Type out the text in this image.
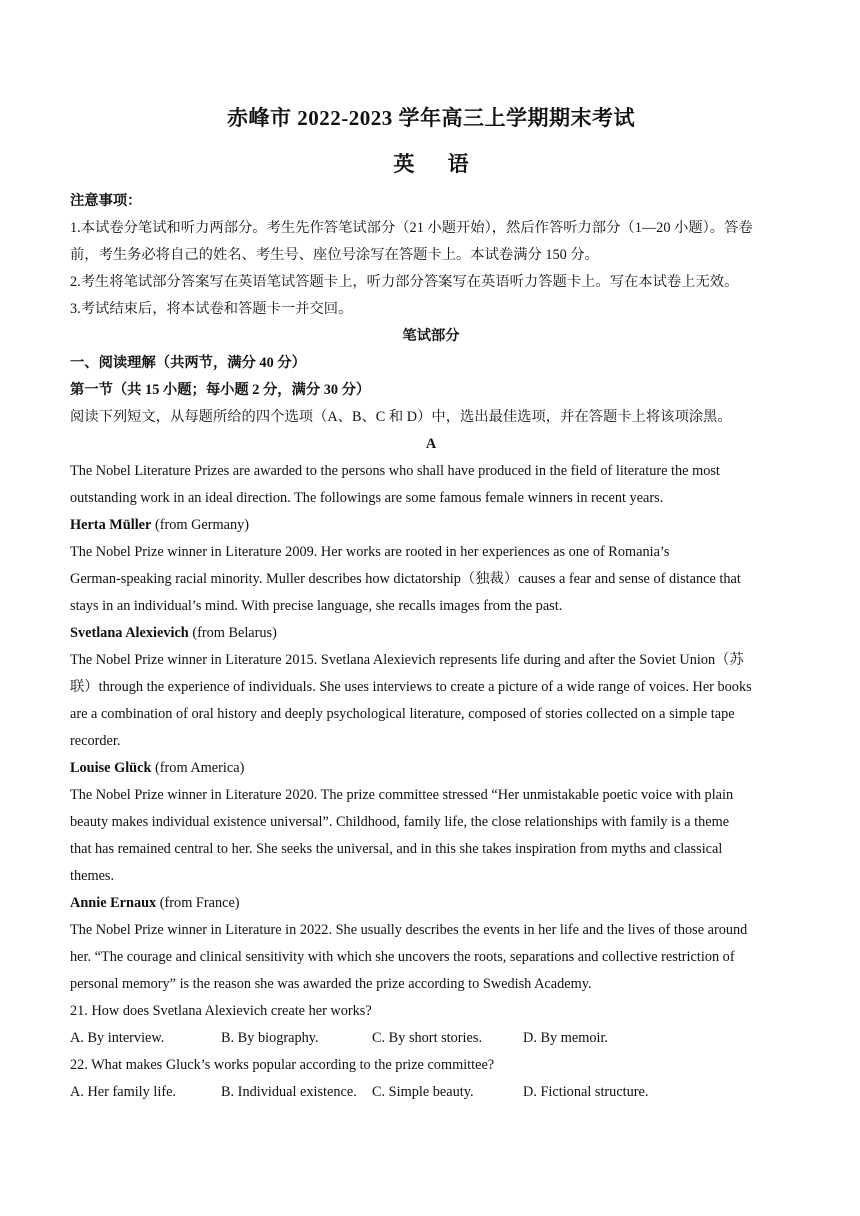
赤峰市 2022-2023 学年高三上学期期末考试
英 语
注意事项：
1.本试卷分笔试和听力两部分。考生先作答笔试部分（21 小题开始），然后作答听力部分（1—20 小题）。答卷
前，考生务必将自己的姓名、考生号、座位号涂写在答题卡上。本试卷满分 150 分。
2.考生将笔试部分答案写在英语笔试答题卡上，听力部分答案写在英语听力答题卡上。写在本试卷上无效。
3.考试结束后，将本试卷和答题卡一并交回。
笔试部分
一、阅读理解（共两节，满分 40 分）
第一节（共 15 小题；每小题 2 分，满分 30 分）
阅读下列短文，从每题所给的四个选项（A、B、C 和 D）中，选出最佳选项，并在答题卡上将该项涂黑。
A
The Nobel Literature Prizes are awarded to the persons who shall have produced in the field of literature the most
outstanding work in an ideal direction. The followings are some famous female winners in recent years.
Herta Müller (from Germany)
The Nobel Prize winner in Literature 2009. Her works are rooted in her experiences as one of Romania’s
German-speaking racial minority. Muller describes how dictatorship（独裁）causes a fear and sense of distance that
stays in an individual’s mind. With precise language, she recalls images from the past.
Svetlana Alexievich (from Belarus)
The Nobel Prize winner in Literature 2015. Svetlana Alexievich represents life during and after the Soviet Union（苏
联）through the experience of individuals. She uses interviews to create a picture of a wide range of voices. Her books
are a combination of oral history and deeply psychological literature, composed of stories collected on a simple tape
recorder.
Louise Glück (from America)
The Nobel Prize winner in Literature 2020. The prize committee stressed “Her unmistakable poetic voice with plain
beauty makes individual existence universal”. Childhood, family life, the close relationships with family is a theme
that has remained central to her. She seeks the universal, and in this she takes inspiration from myths and classical
themes.
Annie Ernaux (from France)
The Nobel Prize winner in Literature in 2022. She usually describes the events in her life and the lives of those around
her. “The courage and clinical sensitivity with which she uncovers the roots, separations and collective restriction of
personal memory” is the reason she was awarded the prize according to Swedish Academy.
21. How does Svetlana Alexievich create her works?
A. By interview.	B. By biography.	C. By short stories.	D. By memoir.
22. What makes Gluck’s works popular according to the prize committee?
A. Her family life.	B. Individual existence.	C. Simple beauty.	D. Fictional structure.
